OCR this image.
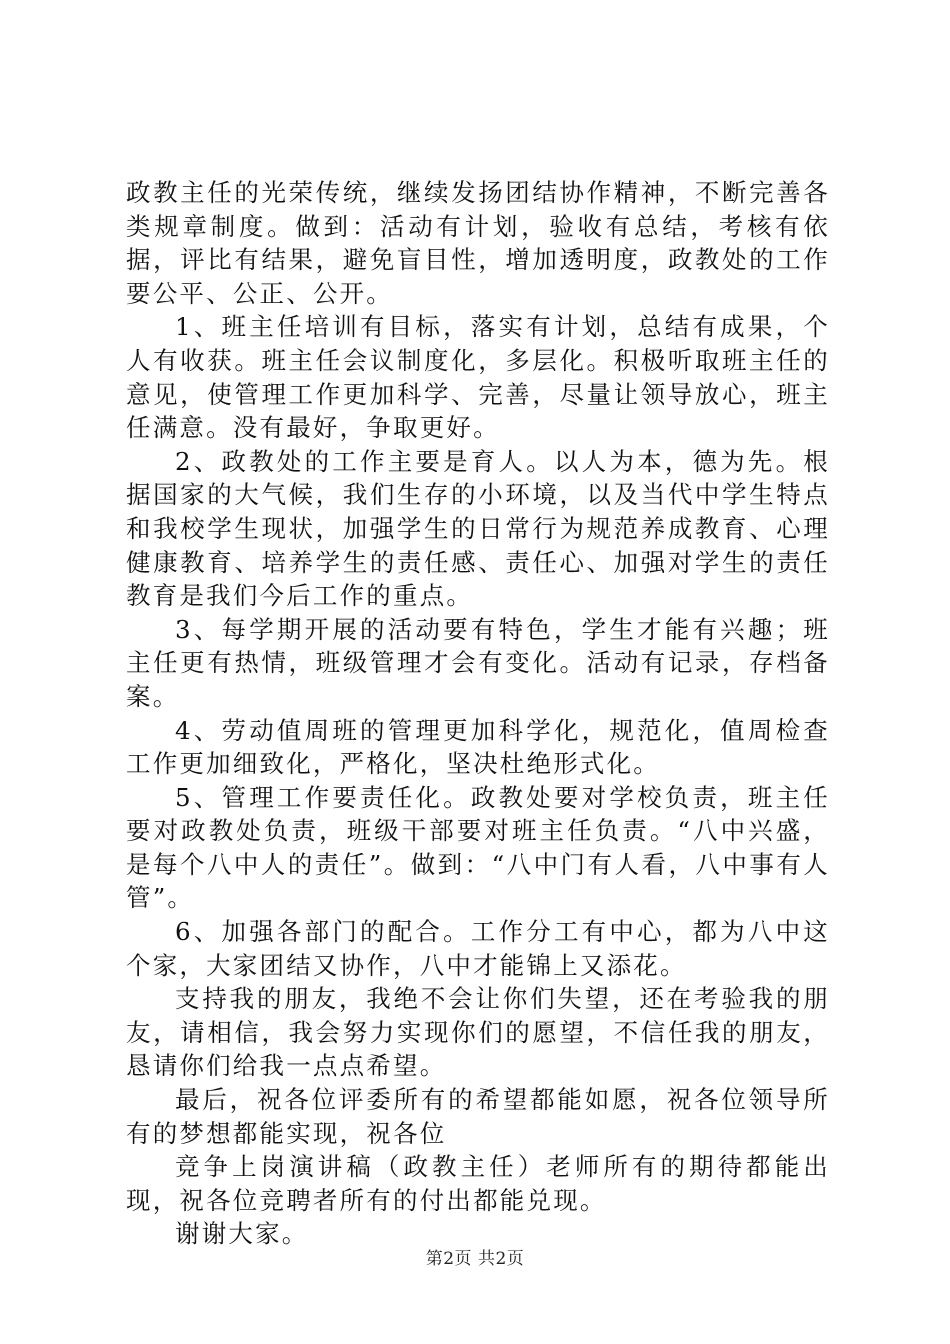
政教主任的光荣传统，继续发扬团结协作精神，不断完善各类规章制度。做到：活动有计划，验收有总结，考核有依据，评比有结果，避免盲目性，增加透明度，政教处的工作要公平、公正、公开。

1、班主任培训有目标，落实有计划，总结有成果，个人有收获。班主任会议制度化，多层化。积极听取班主任的意见，使管理工作更加科学、完善，尽量让领导放心，班主任满意。没有最好，争取更好。

2、政教处的工作主要是育人。以人为本，德为先。根据国家的大气候，我们生存的小环境，以及当代中学生特点和我校学生现状，加强学生的日常行为规范养成教育、心理健康教育、培养学生的责任感、责任心、加强对学生的责任教育是我们今后工作的重点。

3、每学期开展的活动要有特色，学生才能有兴趣；班主任更有热情，班级管理才会有变化。活动有记录，存档备案。

4、劳动值周班的管理更加科学化，规范化，值周检查工作更加细致化，严格化，坚决杜绝形式化。

5、管理工作要责任化。政教处要对学校负责，班主任要对政教处负责，班级干部要对班主任负责。“八中兴盛，是每个八中人的责任”。做到：“八中门有人看，八中事有人管”。

6、加强各部门的配合。工作分工有中心，都为八中这个家，大家团结又协作，八中才能锦上又添花。

支持我的朋友，我绝不会让你们失望，还在考验我的朋友，请相信，我会努力实现你们的愿望，不信任我的朋友，恳请你们给我一点点希望。

最后，祝各位评委所有的希望都能如愿，祝各位领导所有的梦想都能实现，祝各位

竞争上岗演讲稿（政教主任）老师所有的期待都能出现，祝各位竞聘者所有的付出都能兑现。

谢谢大家。

第2页 共2页
